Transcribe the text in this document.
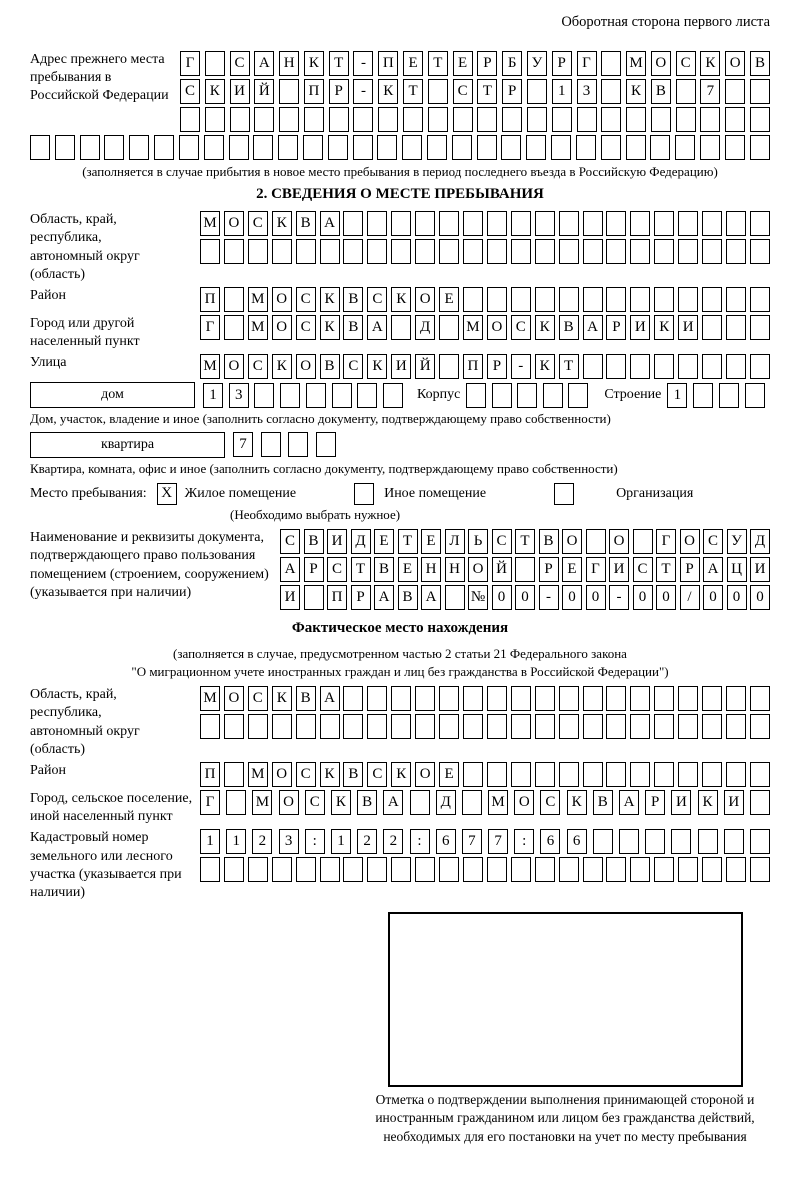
Оборотная сторона первого листа
Адрес прежнего места пребывания в Российской Федерации
Г	С А Н К	Т	-	П Е	Т	Е	Р	Б	У	Р	Г	М О С К О В
С К И Й	П	Р	-	К	Т	С	Т	Р	1	3	К В	7
(заполняется в случае прибытия в новое место пребывания в период последнего въезда в Российскую Федерацию)
2. СВЕДЕНИЯ О МЕСТЕ ПРЕБЫВАНИЯ
Область, край, республика, автономный округ (область)
М О С К В А
Район	П	М О С К В С К О Е
Город или другой населенный пункт
Г	М О С К В А	Д	М О С К В А Р И К И
Улица	М О С К О В С К И Й	П Р	-	К Т
дом	1	3	Корпус	Строение 1
Дом, участок, владение и иное (заполнить согласно документу, подтверждающему право собственности)
квартира	7
Квартира, комната, офис и иное (заполнить согласно документу, подтверждающему право собственности)
Место пребывания: X Жилое помещение	Иное помещение	Организация
(Необходимо выбрать нужное)
Наименование и реквизиты документа, подтверждающего право пользования помещением (строением, сооружением) (указывается при наличии)
С В И Д Е Т Е Л Ь С Т В О	О	Г О С У Д
А Р С Т В Е Н Н О Й	Р Е Г И С Т Р А Ц И
И	П Р А В А	№ 0	0	-	0	0	-	0	0	/	0	0	0
Фактическое место нахождения
(заполняется в случае, предусмотренном частью 2 статьи 21 Федерального закона
"О миграционном учете иностранных граждан и лиц без гражданства в Российской Федерации")
Область, край, республика, автономный округ (область)
М О С К В А
Район	П	М О С К В С К О Е
Город, сельское поселение, иной населенный пункт
Г	М О	С	К	В	А	Д	М О	С	К	В	А	Р	И	К	И
Кадастровый номер земельного или лесного участка (указывается при наличии)
1	1	2	3	:	1	2	2	:	6	7	7	:	6	6
Отметка о подтверждении выполнения принимающей стороной и иностранным гражданином или лицом без гражданства действий, необходимых для его постановки на учет по месту пребывания
